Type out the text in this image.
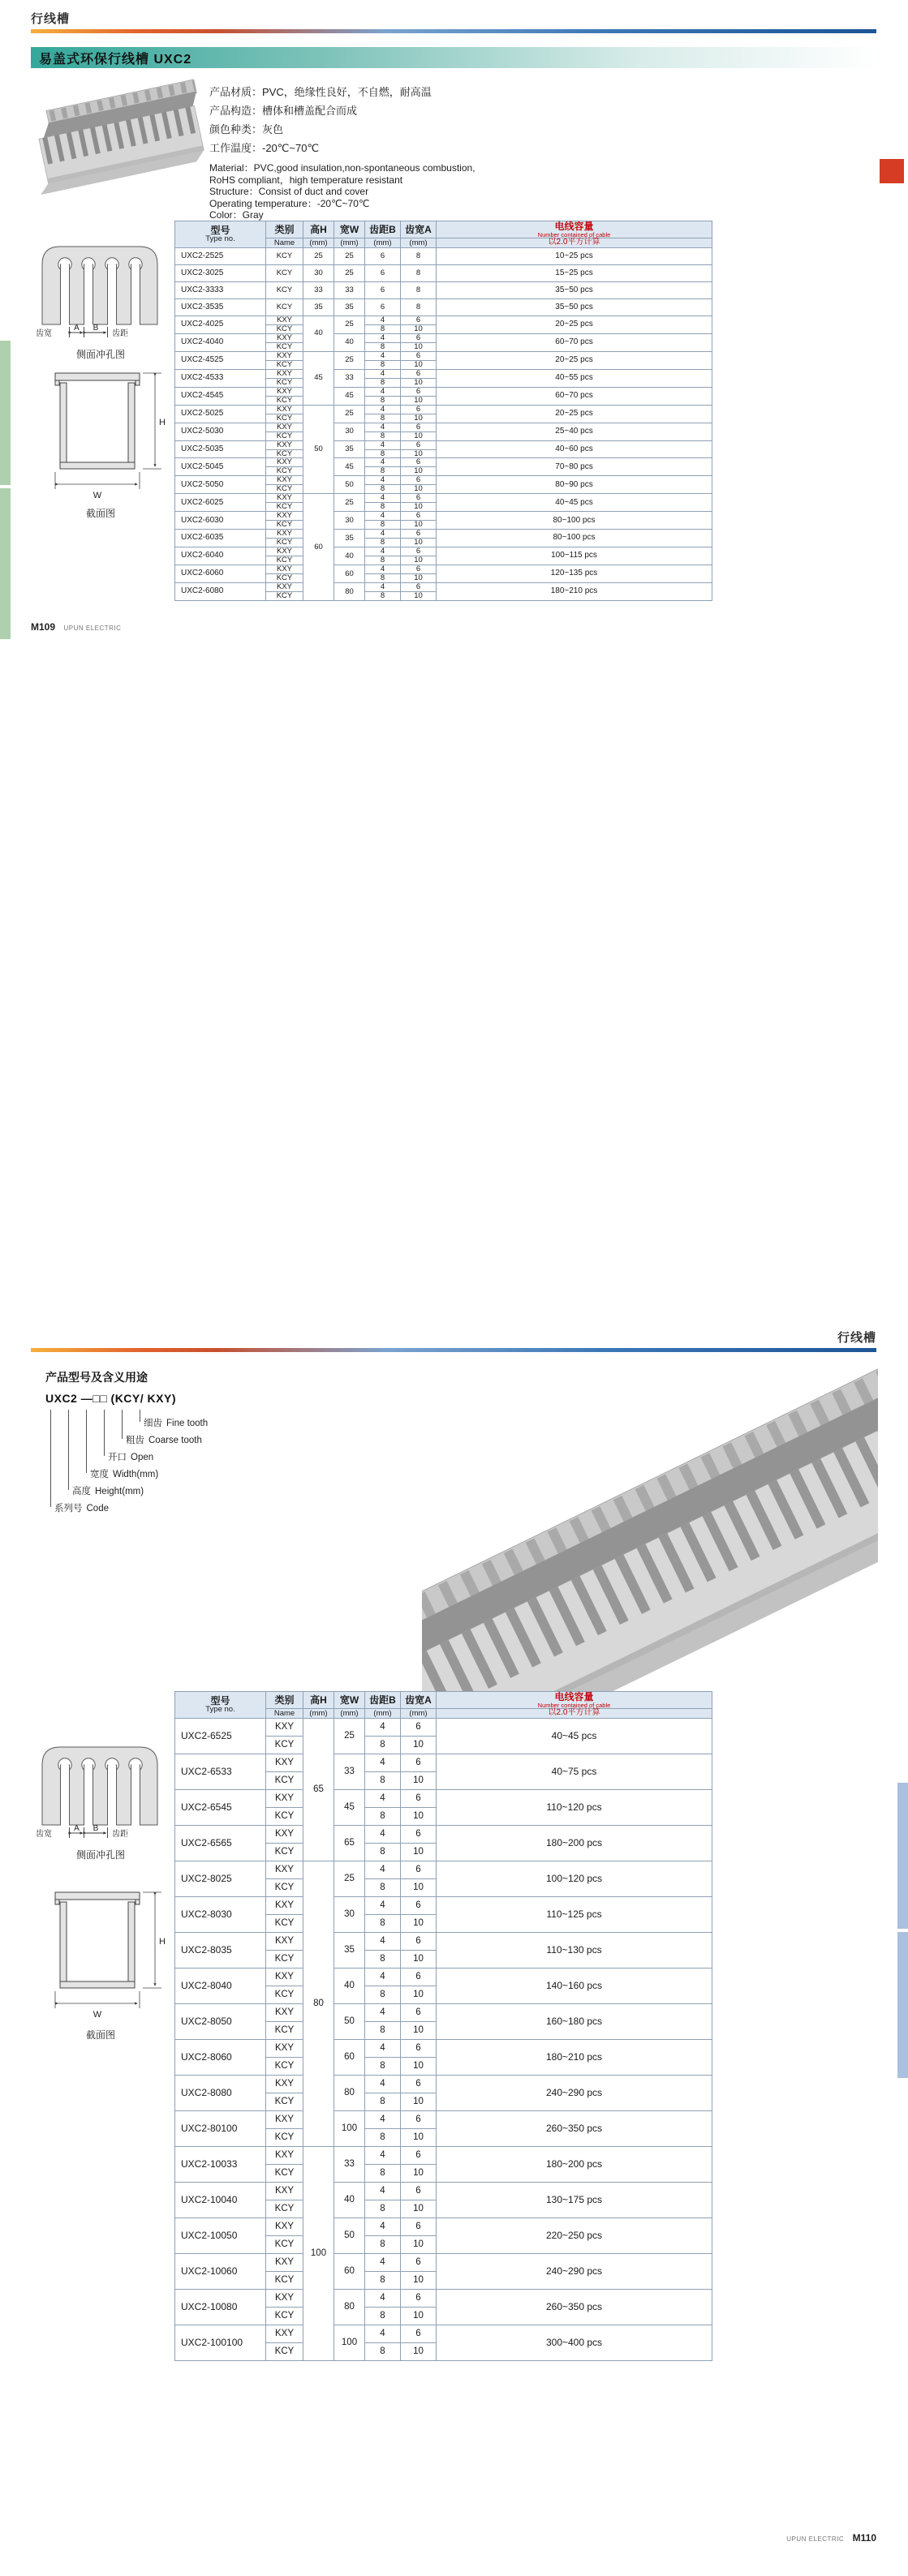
行线槽
易盖式环保行线槽 UXC2
产品材质：PVC，绝缘性良好，不自燃，耐高温
产品构造：槽体和槽盖配合而成
颜色种类：灰色
工作温度：-20℃~70℃
Material：PVC,good insulation,non-spontaneous combustion,
RoHS compliant，high temperature resistant
Structure：Consist of duct and cover
Operating temperature：-20℃~70℃
Color：Gray
齿宽
A B
齿距
侧面冲孔图
H
W
截面图
型号
Type no.
	类别	高H	宽W	齿距B	齿宽A	电线容量
Number contained of cable

	Name	(mm)	(mm)	(mm)	(mm)	以2.0平方计算
UXC2-2525	KCY	25	25	6	8	10~25 pcs
UXC2-3025	KCY	30	25	6	8	15~25 pcs
UXC2-3333	KCY	33	33	6	8	35~50 pcs
UXC2-3535	KCY	35	35	6	8	35~50 pcs
UXC2-4025	KXY	40	25	4	6	20~25 pcs
	KCY			8	10	
UXC2-4040	KXY		40	4	6	60~70 pcs
	KCY			8	10	
UXC2-4525	KXY	45	25	4	6	20~25 pcs
	KCY			8	10	
UXC2-4533	KXY		33	4	6	40~55 pcs
	KCY			8	10	
UXC2-4545	KXY		45	4	6	60~70 pcs
	KCY			8	10	
UXC2-5025	KXY	50	25	4	6	20~25 pcs
	KCY			8	10	
UXC2-5030	KXY		30	4	6	25~40 pcs
	KCY			8	10	
UXC2-5035	KXY		35	4	6	40~60 pcs
	KCY			8	10	
UXC2-5045	KXY		45	4	6	70~80 pcs
	KCY			8	10	
UXC2-5050	KXY		50	4	6	80~90 pcs
	KCY			8	10	
UXC2-6025	KXY	60	25	4	6	40~45 pcs
	KCY			8	10	
UXC2-6030	KXY		30	4	6	80~100 pcs
	KCY			8	10	
UXC2-6035	KXY		35	4	6	80~100 pcs
	KCY			8	10	
UXC2-6040	KXY		40	4	6	100~115 pcs
	KCY			8	10	
UXC2-6060	KXY		60	4	6	120~135 pcs
	KCY			8	10	
UXC2-6080	KXY		80	4	6	180~210 pcs
	KCY			8	10	
M109 UPUN ELECTRIC
行线槽
产品型号及含义用途
UXC2 —□□ (KCY/ KXY)
细齿 Fine tooth
粗齿 Coarse tooth
开口 Open
宽度 Width(mm)
高度 Height(mm)
系列号 Code
型号
Type no.
	类别	高H	宽W	齿距B	齿宽A	电线容量
Number contained of cable

	Name	(mm)	(mm)	(mm)	(mm)	以2.0平方计算
UXC2-6525	KXY	65	25	4	6	40~45 pcs
	KCY			8	10	
UXC2-6533	KXY		33	4	6	40~75 pcs
	KCY			8	10	
UXC2-6545	KXY		45	4	6	110~120 pcs
	KCY			8	10	
UXC2-6565	KXY		65	4	6	180~200 pcs
	KCY			8	10	
UXC2-8025	KXY	80	25	4	6	100~120 pcs
	KCY			8	10	
UXC2-8030	KXY		30	4	6	110~125 pcs
	KCY			8	10	
UXC2-8035	KXY		35	4	6	110~130 pcs
	KCY			8	10	
UXC2-8040	KXY		40	4	6	140~160 pcs
	KCY			8	10	
UXC2-8050	KXY		50	4	6	160~180 pcs
	KCY			8	10	
UXC2-8060	KXY		60	4	6	180~210 pcs
	KCY			8	10	
UXC2-8080	KXY		80	4	6	240~290 pcs
	KCY			8	10	
UXC2-80100	KXY		100	4	6	260~350 pcs
	KCY			8	10	
UXC2-10033	KXY	100	33	4	6	180~200 pcs
	KCY			8	10	
UXC2-10040	KXY		40	4	6	130~175 pcs
	KCY			8	10	
UXC2-10050	KXY		50	4	6	220~250 pcs
	KCY			8	10	
UXC2-10060	KXY		60	4	6	240~290 pcs
	KCY			8	10	
UXC2-10080	KXY		80	4	6	260~350 pcs
	KCY			8	10	
UXC2-100100	KXY		100	4	6	300~400 pcs
	KCY			8	10	
齿宽
A B
齿距
侧面冲孔图
H
W
截面图
UPUN ELECTRIC M110
